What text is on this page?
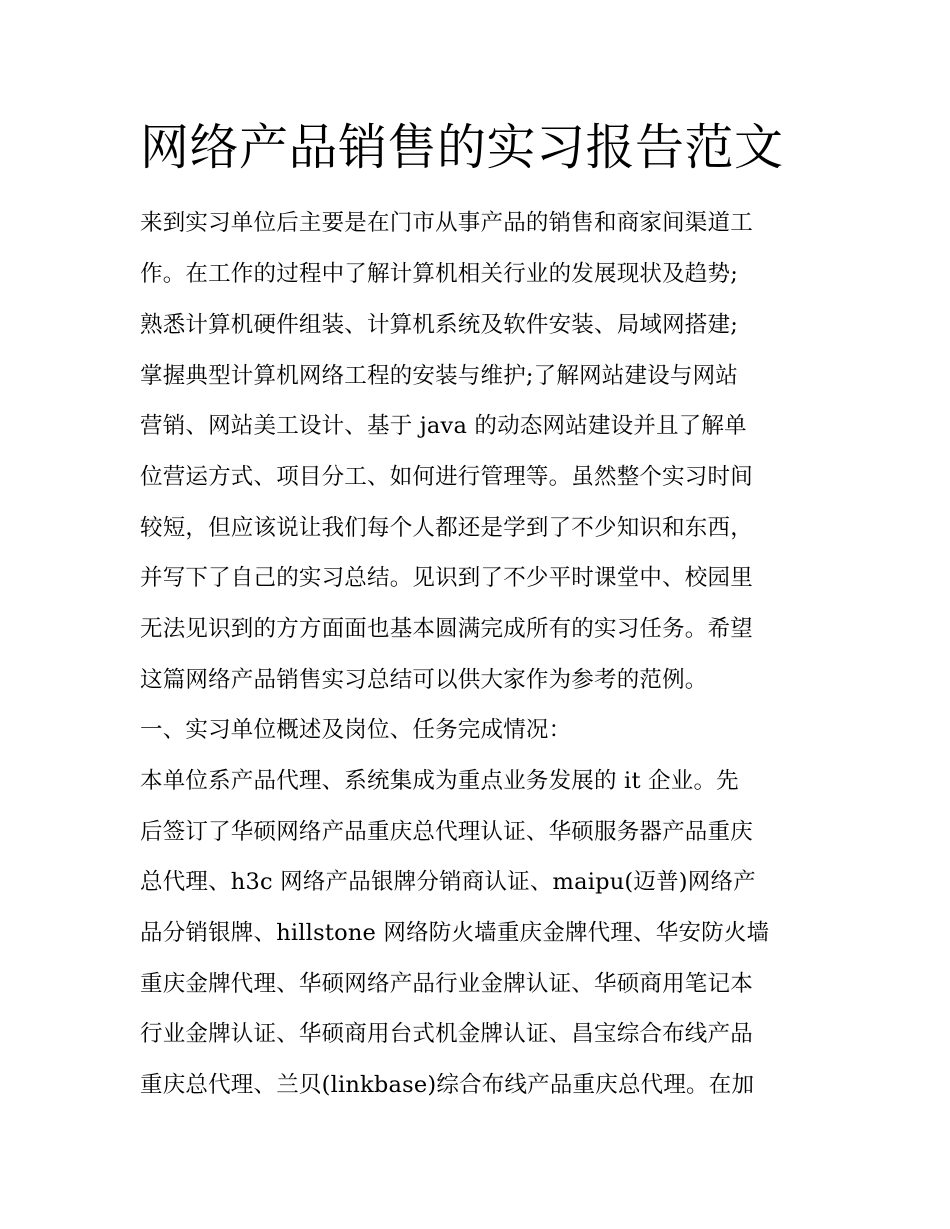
网络产品销售的实习报告范文

来到实习单位后主要是在门市从事产品的销售和商家间渠道工

作。在工作的过程中了解计算机相关行业的发展现状及趋势;

熟悉计算机硬件组装、计算机系统及软件安装、局域网搭建;

掌握典型计算机网络工程的安装与维护;了解网站建设与网站

营销、网站美工设计、基于 java 的动态网站建设并且了解单

位营运方式、项目分工、如何进行管理等。虽然整个实习时间

较短，但应该说让我们每个人都还是学到了不少知识和东西，

并写下了自己的实习总结。见识到了不少平时课堂中、校园里

无法见识到的方方面面也基本圆满完成所有的实习任务。希望

这篇网络产品销售实习总结可以供大家作为参考的范例。

一、实习单位概述及岗位、任务完成情况：

本单位系产品代理、系统集成为重点业务发展的 it 企业。先

后签订了华硕网络产品重庆总代理认证、华硕服务器产品重庆

总代理、h3c 网络产品银牌分销商认证、maipu(迈普)网络产

品分销银牌、hillstone 网络防火墙重庆金牌代理、华安防火墙

重庆金牌代理、华硕网络产品行业金牌认证、华硕商用笔记本

行业金牌认证、华硕商用台式机金牌认证、昌宝综合布线产品

重庆总代理、兰贝(linkbase)综合布线产品重庆总代理。在加
